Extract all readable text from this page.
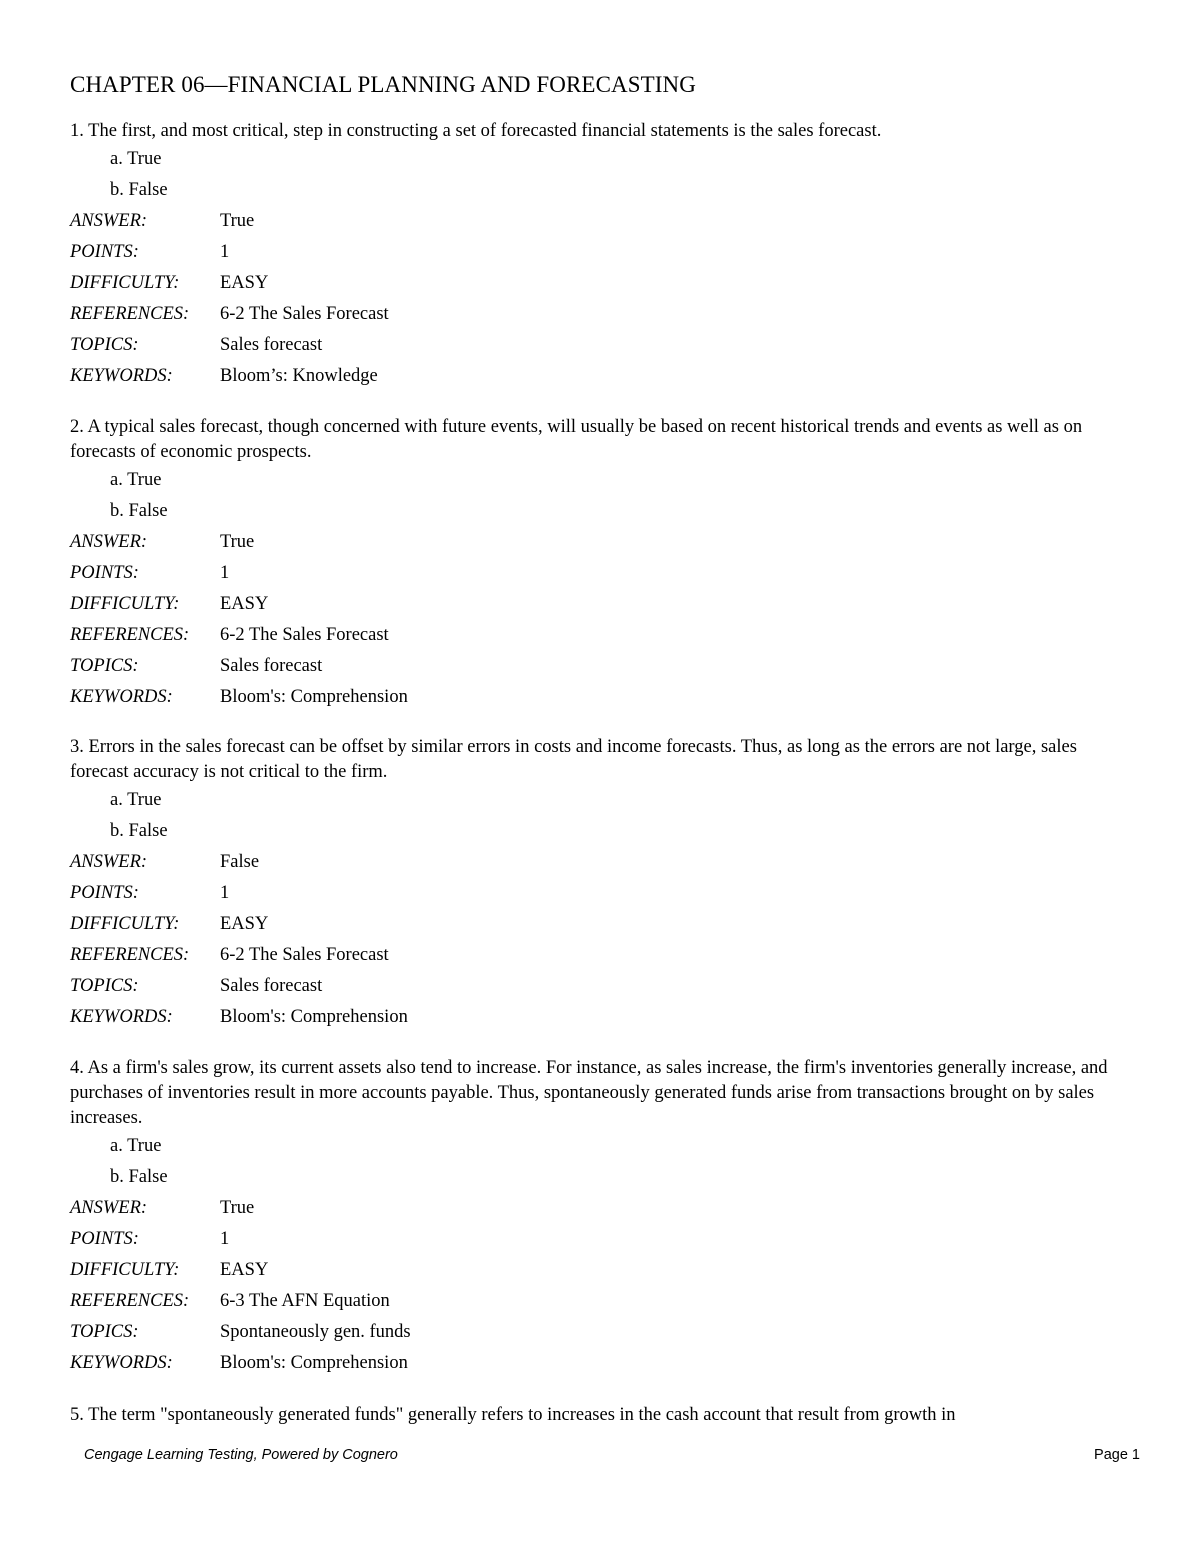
CHAPTER 06—FINANCIAL PLANNING AND FORECASTING

1. The first, and most critical, step in constructing a set of forecasted financial statements is the sales forecast.

a. True
b. False
ANSWER:	True
POINTS:	1
DIFFICULTY:	EASY
REFERENCES:	6-2 The Sales Forecast
TOPICS:	Sales forecast
KEYWORDS:	Bloom’s: Knowledge

2. A typical sales forecast, though concerned with future events, will usually be based on recent historical trends and events as well as on forecasts of economic prospects.

a. True
b. False
ANSWER:	True
POINTS:	1
DIFFICULTY:	EASY
REFERENCES:	6-2 The Sales Forecast
TOPICS:	Sales forecast
KEYWORDS:	Bloom's: Comprehension

3. Errors in the sales forecast can be offset by similar errors in costs and income forecasts. Thus, as long as the errors are not large, sales forecast accuracy is not critical to the firm.

a. True
b. False
ANSWER:	False
POINTS:	1
DIFFICULTY:	EASY
REFERENCES:	6-2 The Sales Forecast
TOPICS:	Sales forecast
KEYWORDS:	Bloom's: Comprehension

4. As a firm's sales grow, its current assets also tend to increase. For instance, as sales increase, the firm's inventories generally increase, and purchases of inventories result in more accounts payable. Thus, spontaneously generated funds arise from transactions brought on by sales increases.

a. True
b. False
ANSWER:	True
POINTS:	1
DIFFICULTY:	EASY
REFERENCES:	6-3 The AFN Equation
TOPICS:	Spontaneously gen. funds
KEYWORDS:	Bloom's: Comprehension
5. The term "spontaneously generated funds" generally refers to increases in the cash account that result from growth in
Cengage Learning Testing, Powered by Cognero	Page 1
